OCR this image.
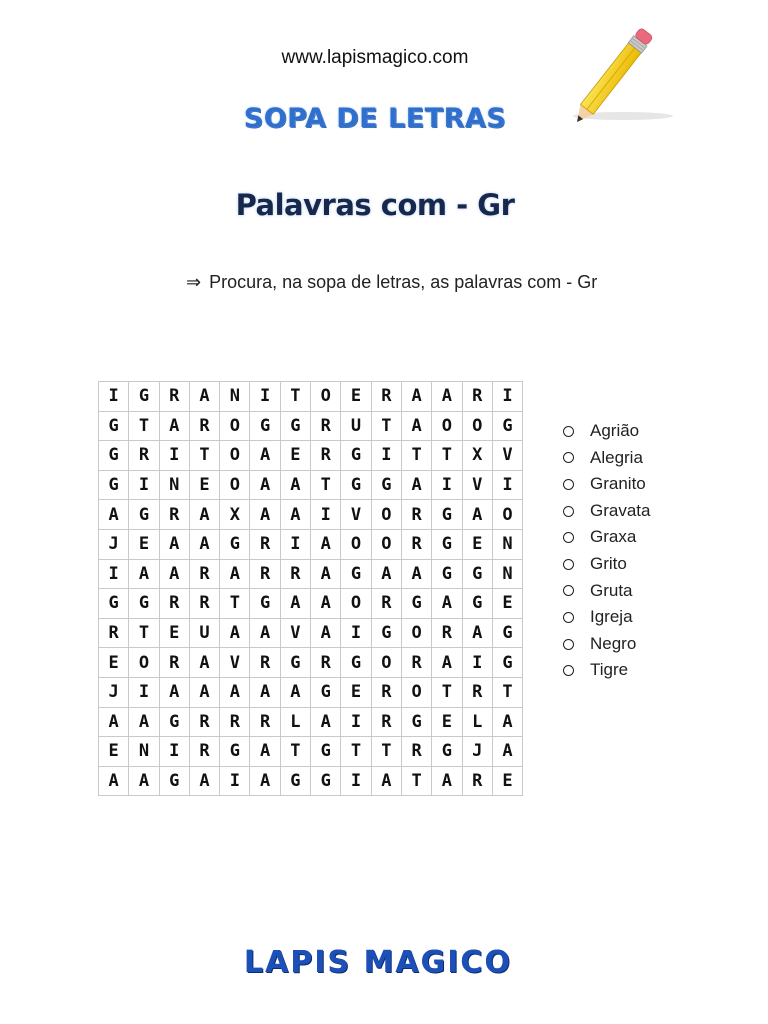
www.lapismagico.com
SOPA DE LETRAS
Palavras com - Gr
⇒ Procura, na sopa de letras, as palavras com - Gr
I	G	R	A	N	I	T	O	E	R	A	A	R	I
G	T	A	R	O	G	G	R	U	T	A	O	O	G
G	R	I	T	O	A	E	R	G	I	T	T	X	V
G	I	N	E	O	A	A	T	G	G	A	I	V	I
A	G	R	A	X	A	A	I	V	O	R	G	A	O
J	E	A	A	G	R	I	A	O	O	R	G	E	N
I	A	A	R	A	R	R	A	G	A	A	G	G	N
G	G	R	R	T	G	A	A	O	R	G	A	G	E
R	T	E	U	A	A	V	A	I	G	O	R	A	G
E	O	R	A	V	R	G	R	G	O	R	A	I	G
J	I	A	A	A	A	A	G	E	R	O	T	R	T
A	A	G	R	R	R	L	A	I	R	G	E	L	A
E	N	I	R	G	A	T	G	T	T	R	G	J	A
A	A	G	A	I	A	G	G	I	A	T	A	R	E
Agrião
Alegria
Granito
Gravata
Graxa
Grito
Gruta
Igreja
Negro
Tigre
LAPIS MAGICO
